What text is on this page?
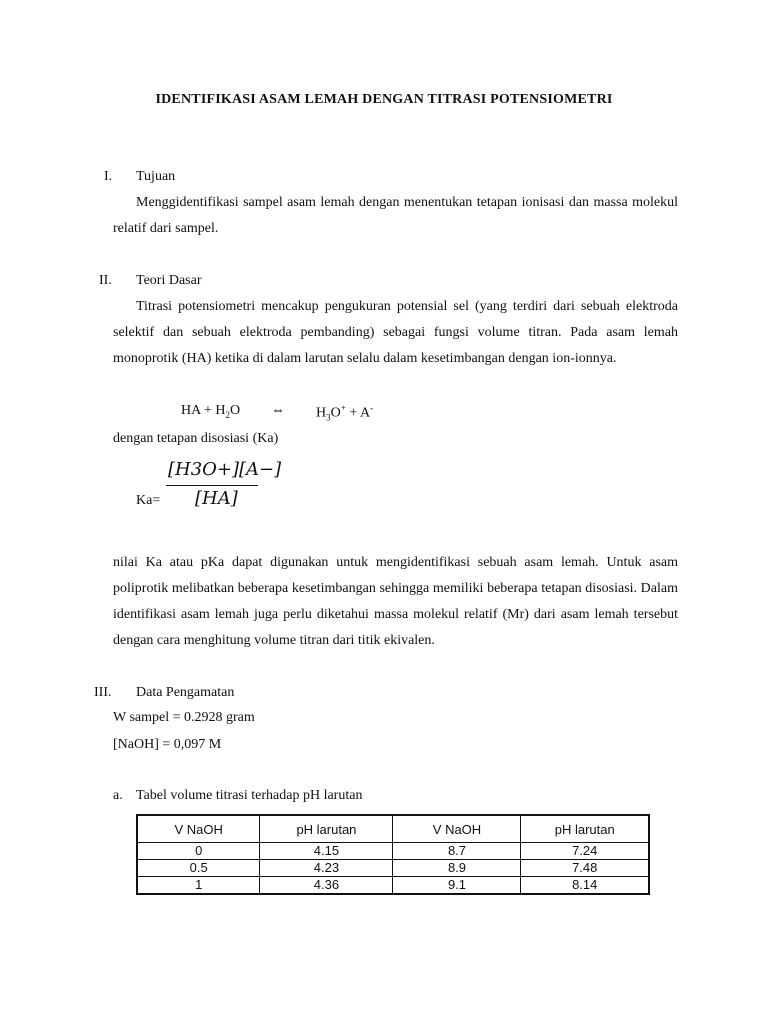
IDENTIFIKASI ASAM LEMAH DENGAN TITRASI POTENSIOMETRI
I. Tujuan
Menggidentifikasi sampel asam lemah dengan menentukan tetapan ionisasi dan massa molekul relatif dari sampel.
II. Teori Dasar
Titrasi potensiometri mencakup pengukuran potensial sel (yang terdiri dari sebuah elektroda selektif dan sebuah elektroda pembanding) sebagai fungsi volume titran. Pada asam lemah monoprotik (HA) ketika di dalam larutan selalu dalam kesetimbangan dengan ion-ionnya.
HA + $H_2O$ ⇔ $H_3O^+ + A^-$
dengan tetapan disosiasi (Ka)
Ka=
[H3O+][A−]
[HA]
nilai Ka atau pKa dapat digunakan untuk mengidentifikasi sebuah asam lemah. Untuk asam poliprotik melibatkan beberapa kesetimbangan sehingga memiliki beberapa tetapan disosiasi. Dalam identifikasi asam lemah juga perlu diketahui massa molekul relatif (Mr) dari asam lemah tersebut dengan cara menghitung volume titran dari titik ekivalen.
III. Data Pengamatan
W sampel = 0.2928 gram
[NaOH] = 0,097 M
a. Tabel volume titrasi terhadap pH larutan
V NaOH	pH larutan	V NaOH	pH larutan
0	4.15	8.7	7.24
0.5	4.23	8.9	7.48
1	4.36	9.1	8.14
